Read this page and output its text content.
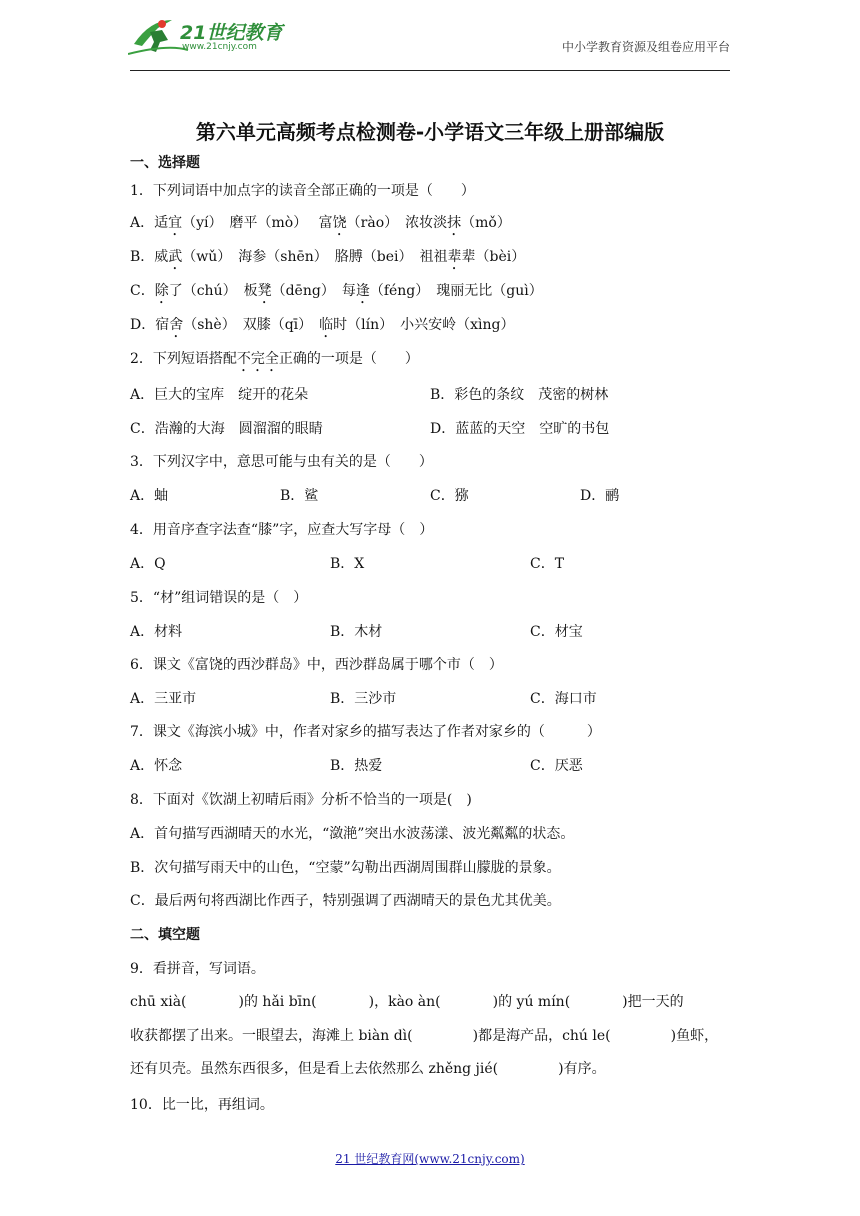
21世纪教育
www.21cnjy.com	中小学教育资源及组卷应用平台
第六单元高频考点检测卷-小学语文三年级上册部编版
一、选择题
1．下列词语中加点字的读音全部正确的一项是（　　）
A．适宜（yí）　磨平（mò）　 富饶（rào）　浓妆淡抹（mǒ）
B．威武（wǔ）　海参（shēn）　胳膊（bei）　祖祖辈辈（bèi）
C．除了（chú）　板凳（dēng）　每逢（féng）　瑰丽无比（guì）
D．宿舍（shè）　双膝（qī）　临时（lín）　小兴安岭（xìng）
2．下列短语搭配不完全正确的一项是（　　）
A．巨大的宝库　绽开的花朵	B．彩色的条纹　茂密的树林
C．浩瀚的大海　圆溜溜的眼睛	D．蓝蓝的天空　空旷的书包
3．下列汉字中，意思可能与虫有关的是（　　）
A．蚰	B．鲨	C．猕	D．鹂
4．用音序查字法查“膝”字，应查大写字母（　）
A．Q	B．X	C．T
5．“材”组词错误的是（　）
A．材料	B．木材	C．材宝
6．课文《富饶的西沙群岛》中，西沙群岛属于哪个市（　）
A．三亚市	B．三沙市	C．海口市
7．课文《海滨小城》中，作者对家乡的描写表达了作者对家乡的（　　　）
A．怀念	B．热爱	C．厌恶
8．下面对《饮湖上初晴后雨》分析不恰当的一项是(　)
A．首句描写西湖晴天的水光，“潋滟”突出水波荡漾、波光粼粼的状态。
B．次句描写雨天中的山色，“空蒙”勾勒出西湖周围群山朦胧的景象。
C．最后两句将西湖比作西子，特别强调了西湖晴天的景色尤其优美。
二、填空题
9．看拼音，写词语。
chū xià(	)的 hǎi bīn(	)，kào àn(	)的 yú mín(	)把一天的
收获都摆了出来。一眼望去，海滩上 biàn dì(	)都是海产品，chú le(	)鱼虾，
还有贝壳。虽然东西很多，但是看上去依然那么 zhěng jié(	)有序。
10．比一比，再组词。
21 世纪教育网(www.21cnjy.com)
